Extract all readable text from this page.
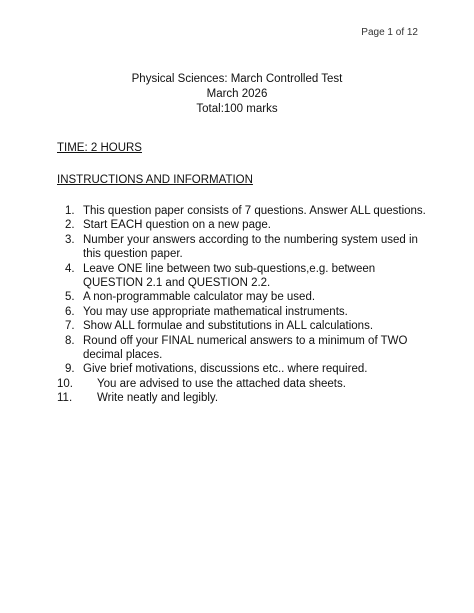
Page 1 of 12
Physical Sciences: March Controlled Test
March 2026
Total:100 marks
TIME: 2 HOURS
INSTRUCTIONS AND INFORMATION
1. This question paper consists of 7 questions. Answer ALL questions.
2. Start EACH question on a new page.
3. Number your answers according to the numbering system used in
this question paper.
4. Leave ONE line between two sub-questions,e.g. between
QUESTION 2.1 and QUESTION 2.2.
5. A non-programmable calculator may be used.
6. You may use appropriate mathematical instruments.
7. Show ALL formulae and substitutions in ALL calculations.
8. Round off your FINAL numerical answers to a minimum of TWO
decimal places.
9. Give brief motivations, discussions etc.. where required.
10. You are advised to use the attached data sheets.
11. Write neatly and legibly.
